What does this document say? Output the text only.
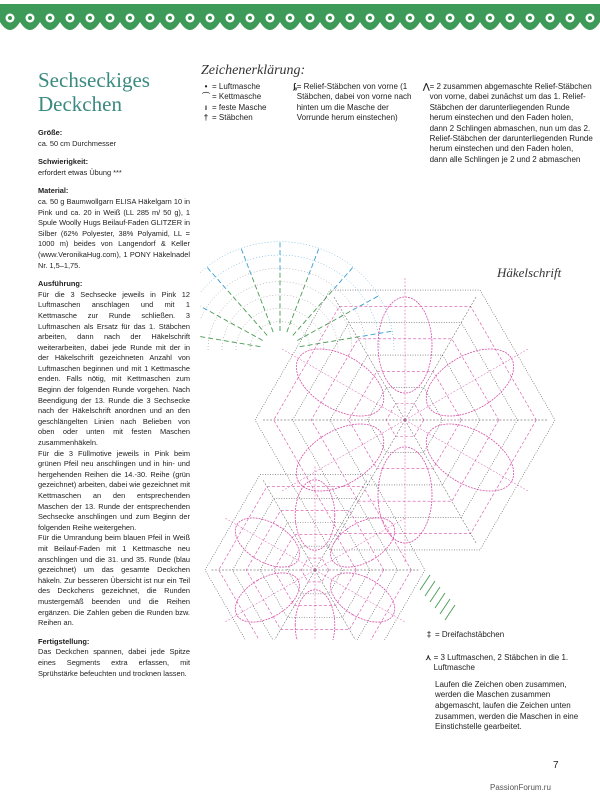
Sechseckiges
Deckchen
Größe:
ca. 50 cm Durchmesser
Schwierigkeit:
erfordert etwas Übung ***
Material:
ca. 50 g Baumwollgarn ELISA Häkelgarn 10 in Pink und ca. 20 in Weiß (LL 285 m/ 50 g), 1 Spule Woolly Hugs Beilauf-Faden GLITZER in Silber (62% Polyester, 38% Polyamid, LL = 1000 m) beides von Langendorf & Keller (www.VeronikaHug.com), 1 PONY Häkelnadel Nr. 1,5–1,75.
Ausführung:
Für die 3 Sechsecke jeweils in Pink 12 Luftmaschen anschlagen und mit 1 Kettmasche zur Runde schließen. 3 Luftmaschen als Ersatz für das 1. Stäbchen arbeiten, dann nach der Häkelschrift weiterarbeiten, dabei jede Runde mit der in der Häkelschrift gezeichneten Anzahl von Luftmaschen beginnen und mit 1 Kettmasche enden. Falls nötig, mit Kettmaschen zum Beginn der folgenden Runde vorgehen. Nach Beendigung der 13. Runde die 3 Sechsecke nach der Häkelschrift anordnen und an den geschlängelten Linien nach Belieben von oben oder unten mit festen Maschen zusammenhäkeln.
Für die 3 Füllmotive jeweils in Pink beim grünen Pfeil neu anschlingen und in hin- und hergehenden Reihen die 14.-30. Reihe (grün gezeichnet) arbeiten, dabei wie gezeichnet mit Kettmaschen an den entsprechenden Maschen der 13. Runde der entsprechenden Sechsecke anschlingen und zum Beginn der folgenden Reihe weitergehen.
Für die Umrandung beim blauen Pfeil in Weiß mit Beilauf-Faden mit 1 Kettmasche neu anschlingen und die 31. und 35. Runde (blau gezeichnet) um das gesamte Deckchen häkeln. Zur besseren Übersicht ist nur ein Teil des Deckchens gezeichnet, die Runden mustergemäß beenden und die Reihen ergänzen. Die Zahlen geben die Runden bzw. Reihen an.
Fertigstellung:
Das Deckchen spannen, dabei jede Spitze eines Segments extra erfassen, mit Sprühstärke befeuchten und trocknen lassen.
Zeichenerklärung:
• = Luftmasche
⌒ = Kettmasche
ı = feste Masche
† = Stäbchen
ᶋ = Relief-Stäbchen von vorne (1 Stäbchen, dabei von vorne nach hinten um die Masche der Vorrunde herum einstechen)
⋀ = 2 zusammen abgemaschte Relief-Stäbchen von vorne, dabei zunächst um das 1. Relief-Stäbchen der darunterliegenden Runde herum einstechen und den Faden holen, dann 2 Schlingen abmaschen, nun um das 2. Relief-Stäbchen der darunterliegenden Runde herum einstechen und den Faden holen, dann alle Schlingen je 2 und 2 abmaschen
Häkelschrift
‡ = Dreifachstäbchen
⋏ = 3 Luftmaschen, 2 Stäbchen in die 1. Luftmasche
Laufen die Zeichen oben zusammen, werden die Maschen zusammen abgemascht, laufen die Zeichen unten zusammen, werden die Maschen in eine Einstichstelle gearbeitet.
7
PassionForum.ru
